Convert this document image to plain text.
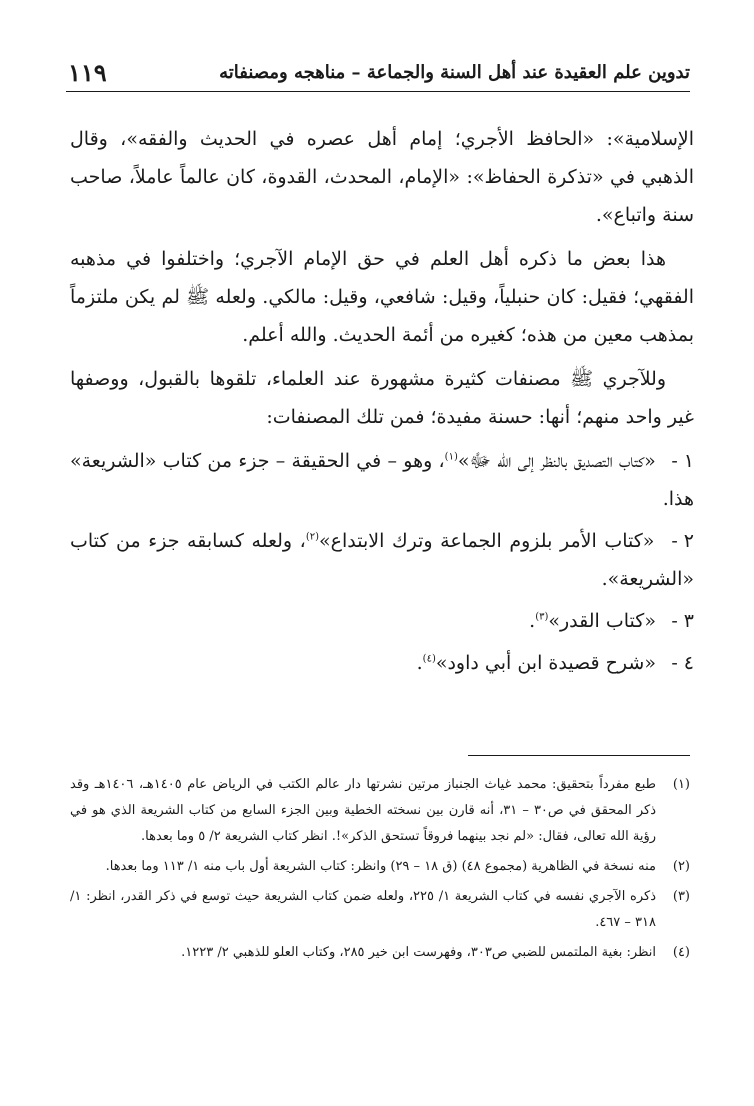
تدوين علم العقيدة عند أهل السنة والجماعة – مناهجه ومصنفاته
١١٩

الإسلامية»: «الحافظ الأجري؛ إمام أهل عصره في الحديث والفقه»، وقال الذهبي في «تذكرة الحفاظ»: «الإمام، المحدث، القدوة، كان عالماً عاملاً، صاحب سنة واتباع».

هذا بعض ما ذكره أهل العلم في حق الإمام الآجري؛ واختلفوا في مذهبه الفقهي؛ فقيل: كان حنبلياً، وقيل: شافعي، وقيل: مالكي. ولعله ﷺ لم يكن ملتزماً بمذهب معين من هذه؛ كغيره من أئمة الحديث. والله أعلم.

وللآجري ﷺ مصنفات كثيرة مشهورة عند العلماء، تلقوها بالقبول، ووصفها غير واحد منهم؛ أنها: حسنة مفيدة؛ فمن تلك المصنفات:

١ - «كتاب التصديق بالنظر إلى الله ﷻ»$^{(١)}$، وهو – في الحقيقة – جزء من كتاب «الشريعة» هذا.

٢ - «كتاب الأمر بلزوم الجماعة وترك الابتداع»$^{(٢)}$، ولعله كسابقه جزء من كتاب «الشريعة».

٣ - «كتاب القدر»$^{(٣)}$.

٤ - «شرح قصيدة ابن أبي داود»$^{(٤)}$.

(١)
طبع مفرداً بتحقيق: محمد غياث الجنباز مرتين نشرتها دار عالم الكتب في الرياض عام ١٤٠٥هـ، ١٤٠٦هـ وقد ذكر المحقق في ص٣٠ – ٣١، أنه قارن بين نسخته الخطية وبين الجزء السابع من كتاب الشريعة الذي هو في رؤية الله تعالى، فقال: «لم نجد بينهما فروقاً تستحق الذكر»!. انظر كتاب الشريعة ٢/ ٥ وما بعدها.
(٢)
منه نسخة في الظاهرية (مجموع ٤٨) (ق ١٨ – ٢٩) وانظر: كتاب الشريعة أول باب منه ١/ ١١٣ وما بعدها.
(٣)
ذكره الآجري نفسه في كتاب الشريعة ١/ ٢٢٥، ولعله ضمن كتاب الشريعة حيث توسع في ذكر القدر، انظر: ١/ ٣١٨ – ٤٦٧.
(٤)
انظر: بغية الملتمس للضبي ص٣٠٣، وفهرست ابن خير ٢٨٥، وكتاب العلو للذهبي ٢/ ١٢٢٣.
